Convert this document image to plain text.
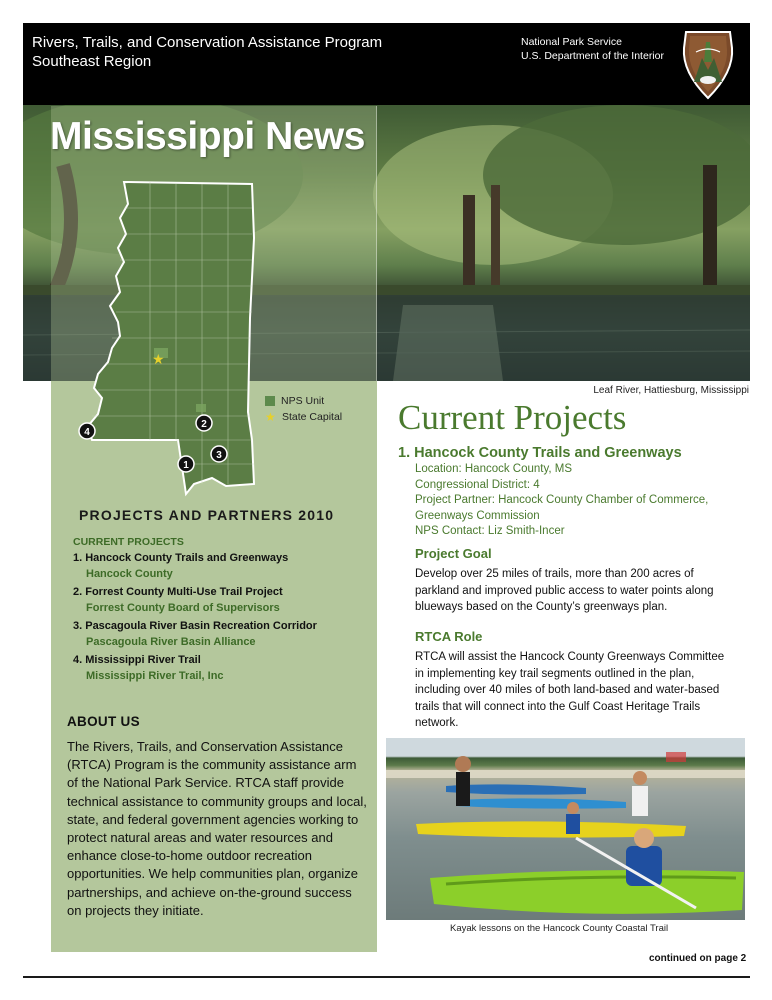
Rivers, Trails, and Conservation Assistance Program
Southeast Region
National Park Service
U.S. Department of the Interior
Leaf River, Hattiesburg, Mississippi
Mississippi News
★
2
3
1
4
NPS Unit
★ State Capital
PROJECTS AND PARTNERS 2010
CURRENT PROJECTS
1. Hancock County Trails and Greenways
Hancock County
2. Forrest County Multi-Use Trail Project
Forrest County Board of Supervisors
3. Pascagoula River Basin Recreation Corridor
Pascagoula River Basin Alliance
4. Mississippi River Trail
Mississippi River Trail, Inc
ABOUT US
The Rivers, Trails, and Conservation Assistance (RTCA) Program is the community assistance arm of the National Park Service. RTCA staff provide technical assistance to community groups and local, state, and federal government agencies working to protect natural areas and water resources and enhance close-to-home outdoor recreation opportunities. We help communities plan, organize partnerships, and achieve on-the-ground success on projects they initiate.
Current Projects
1. Hancock County Trails and Greenways
Location: Hancock County, MS
Congressional District: 4
Project Partner: Hancock County Chamber of Commerce,
Greenways Commission
NPS Contact: Liz Smith-Incer
Project Goal
Develop over 25 miles of trails, more than 200 acres of parkland and improved public access to water points along blueways based on the County’s greenways plan.
RTCA Role
RTCA will assist the Hancock County Greenways Committee in implementing key trail segments outlined in the plan, including over 40 miles of both land-based and water-based trails that will connect into the Gulf Coast Heritage Trails network.
Kayak lessons on the Hancock County Coastal Trail
continued on page 2
